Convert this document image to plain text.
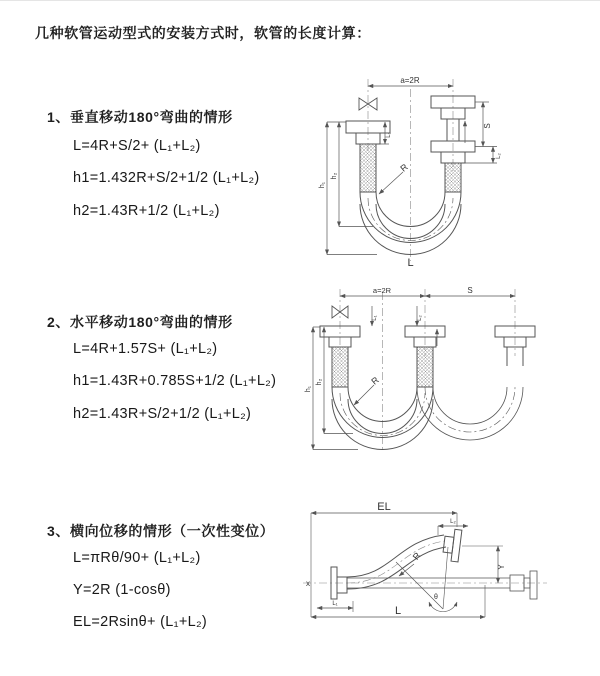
几种软管运动型式的安装方式时，软管的长度计算：
1、垂直移动180°弯曲的情形
L=4R+S/2+ (L₁+L₂)
h1=1.432R+S/2+1/2 (L₁+L₂)
h2=1.43R+1/2 (L₁+L₂)
2、水平移动180°弯曲的情形
L=4R+1.57S+ (L₁+L₂)
h1=1.43R+0.785S+1/2 (L₁+L₂)
h2=1.43R+S/2+1/2 (L₁+L₂)
3、横向位移的情形（一次性变位）
L=πRθ/90+ (L₁+L₂)
Y=2R (1-cosθ)
EL=2Rsinθ+ (L₁+L₂)
a=2R
h₁
h₂
L₁
S
L₂
R
L
a=2R	S
L₁	L₂
h₁
h₂	R
x
EL
L₂
Y
R
θ
L
L₁
